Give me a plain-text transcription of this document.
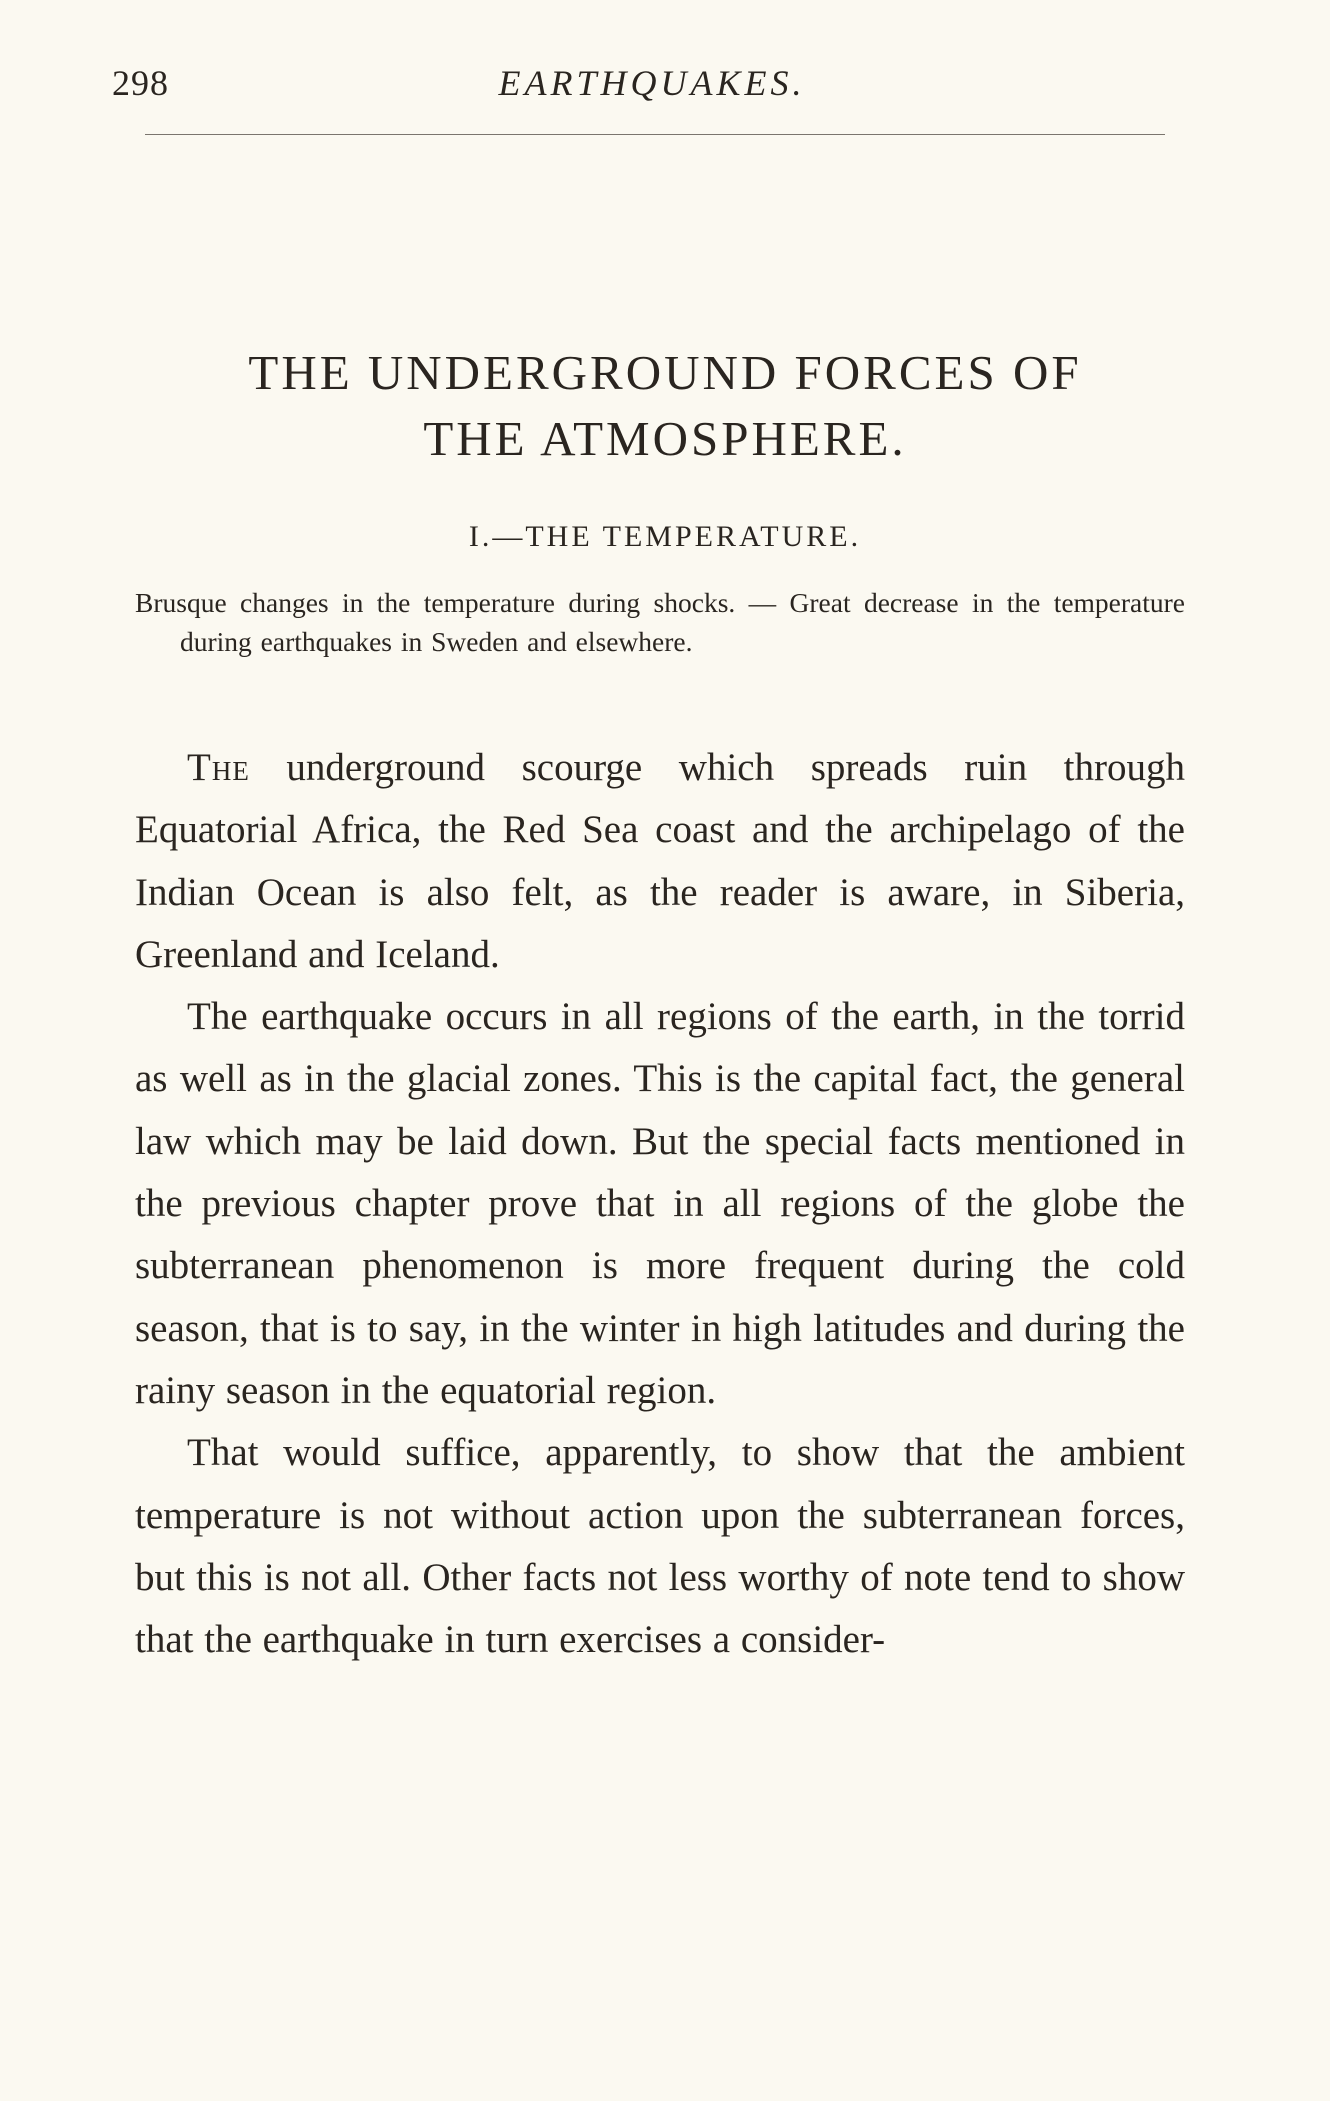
298	EARTHQUAKES.
THE UNDERGROUND FORCES OF
THE ATMOSPHERE.
I.—THE TEMPERATURE.
Brusque changes in the temperature during shocks. — Great decrease in the temperature during earthquakes in Sweden and elsewhere.

The underground scourge which spreads ruin through Equatorial Africa, the Red Sea coast and the archipelago of the Indian Ocean is also felt, as the reader is aware, in Siberia, Greenland and Iceland.

The earthquake occurs in all regions of the earth, in the torrid as well as in the glacial zones. This is the capital fact, the general law which may be laid down. But the special facts mentioned in the previous chapter prove that in all regions of the globe the subterranean phenomenon is more frequent during the cold season, that is to say, in the winter in high latitudes and during the rainy season in the equatorial region.

That would suffice, apparently, to show that the ambient temperature is not without action upon the subterranean forces, but this is not all. Other facts not less worthy of note tend to show that the earthquake in turn exercises a consider-
